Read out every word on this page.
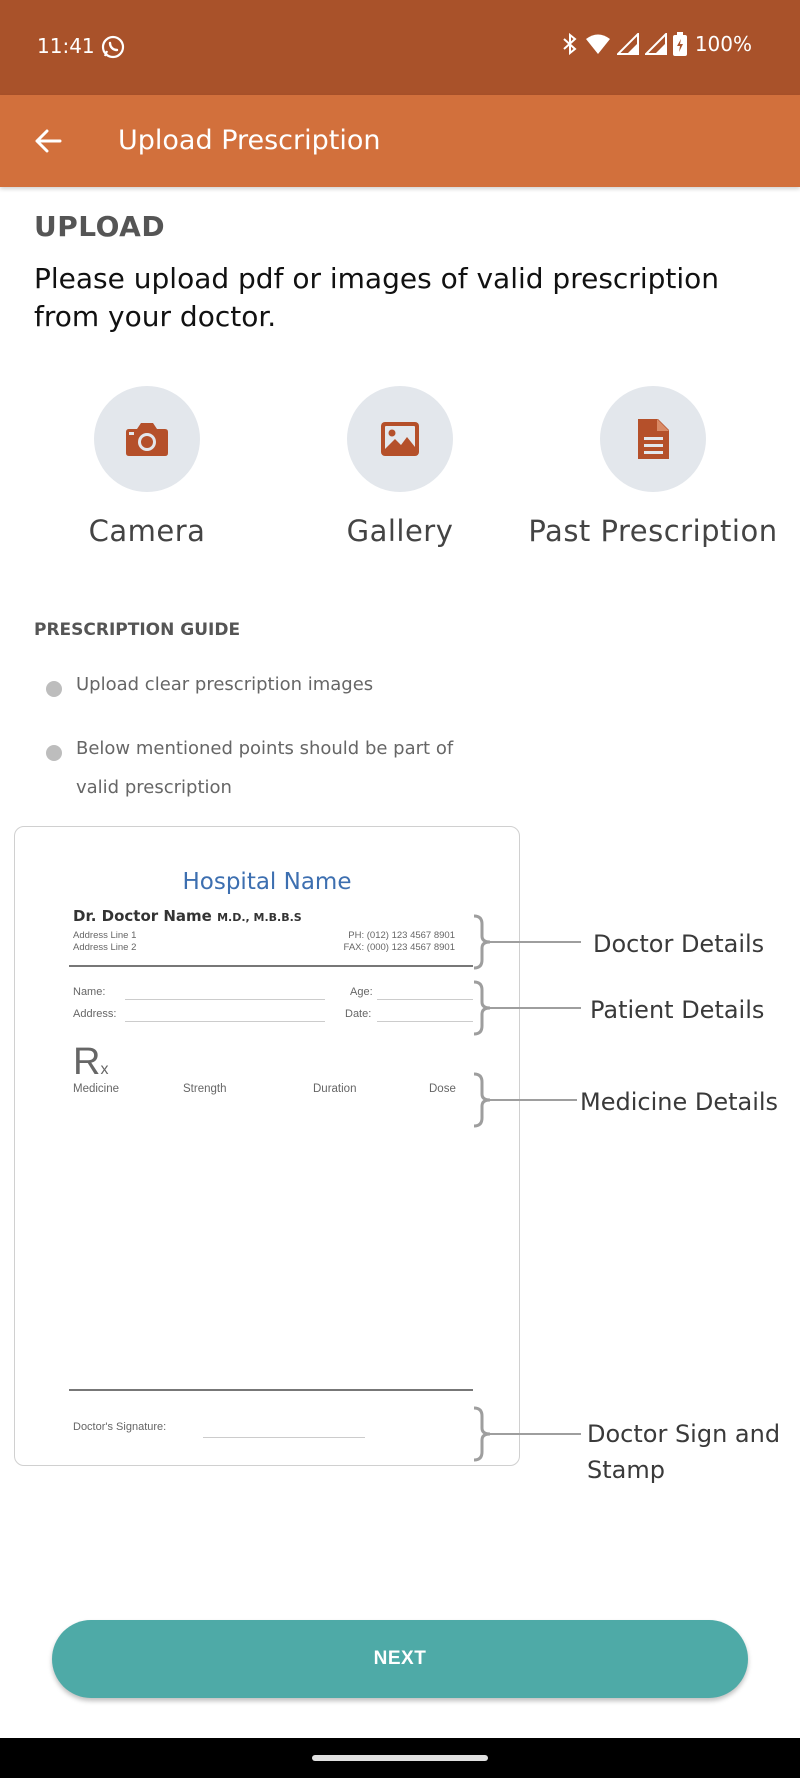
11:41	100%
Upload Prescription
UPLOAD
Please upload pdf or images of valid prescription from your doctor.
Camera	Gallery	Past Prescription
PRESCRIPTION GUIDE
Upload clear prescription images
Below mentioned points should be part of valid prescription
Hospital Name
Dr. Doctor Name M.D., M.B.B.S
Address Line 1
Address Line 2
PH: (012) 123 4567 8901
FAX: (000) 123 4567 8901
Name:	Age:
Address:	Date:
Rx
Medicine	Strength	Duration	Dose
Doctor's Signature:
Doctor Details
Patient Details
Medicine Details
Doctor Sign and
Stamp
NEXT
